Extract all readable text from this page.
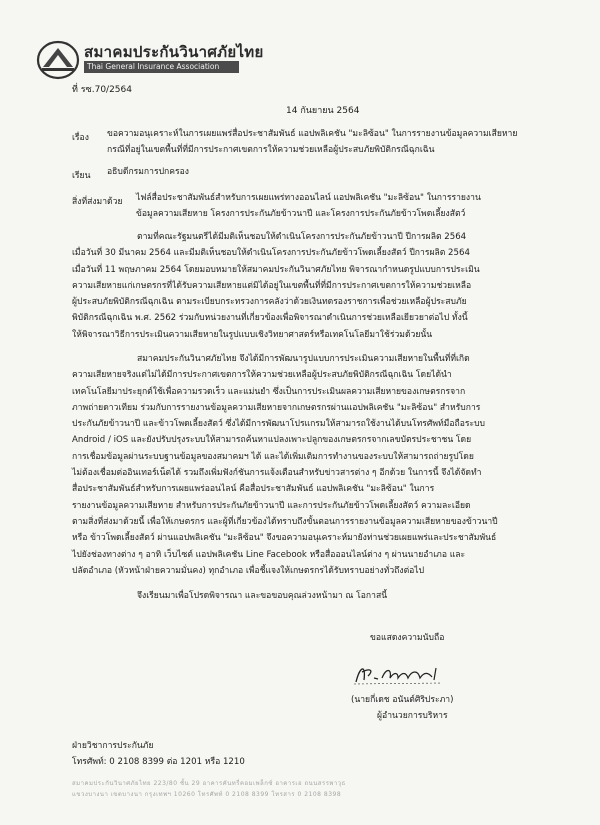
สมาคมประกันวินาศภัยไทย
Thai General Insurance Association
ที่ รซ.70/2564
14 กันยายน 2564
เรื่อง ขอความอนุเคราะห์ในการเผยแพร่สื่อประชาสัมพันธ์ แอปพลิเคชัน "มะลิซ้อน" ในการรายงานข้อมูลความเสียหาย
กรณีที่อยู่ในเขตพื้นที่ที่มีการประกาศเขตการให้ความช่วยเหลือผู้ประสบภัยพิบัติกรณีฉุกเฉิน
เรียน อธิบดีกรมการปกครอง
สิ่งที่ส่งมาด้วย ไฟล์สื่อประชาสัมพันธ์สำหรับการเผยแพร่ทางออนไลน์ แอปพลิเคชัน "มะลิซ้อน" ในการรายงาน
ข้อมูลความเสียหาย โครงการประกันภัยข้าวนาปี และโครงการประกันภัยข้าวโพดเลี้ยงสัตว์
ตามที่คณะรัฐมนตรีได้มีมติเห็นชอบให้ดำเนินโครงการประกันภัยข้าวนาปี ปีการผลิต 2564
เมื่อวันที่ 30 มีนาคม 2564 และมีมติเห็นชอบให้ดำเนินโครงการประกันภัยข้าวโพดเลี้ยงสัตว์ ปีการผลิต 2564
เมื่อวันที่ 11 พฤษภาคม 2564 โดยมอบหมายให้สมาคมประกันวินาศภัยไทย พิจารณากำหนดรูปแบบการประเมิน
ความเสียหายแก่เกษตรกรที่ได้รับความเสียหายแต่มิได้อยู่ในเขตพื้นที่ที่มีการประกาศเขตการให้ความช่วยเหลือ
ผู้ประสบภัยพิบัติกรณีฉุกเฉิน ตามระเบียบกระทรวงการคลังว่าด้วยเงินทดรองราชการเพื่อช่วยเหลือผู้ประสบภัย
พิบัติกรณีฉุกเฉิน พ.ศ. 2562 ร่วมกับหน่วยงานที่เกี่ยวข้องเพื่อพิจารณาดำเนินการช่วยเหลือเยียวยาต่อไป ทั้งนี้
ให้พิจารณาวิธีการประเมินความเสียหายในรูปแบบเชิงวิทยาศาสตร์หรือเทคโนโลยีมาใช้ร่วมด้วยนั้น
สมาคมประกันวินาศภัยไทย จึงได้มีการพัฒนารูปแบบการประเมินความเสียหายในพื้นที่ที่เกิด
ความเสียหายจริงแต่ไม่ได้มีการประกาศเขตการให้ความช่วยเหลือผู้ประสบภัยพิบัติกรณีฉุกเฉิน โดยได้นำ
เทคโนโลยีมาประยุกต์ใช้เพื่อความรวดเร็ว และแม่นยำ ซึ่งเป็นการประเมินผลความเสียหายของเกษตรกรจาก
ภาพถ่ายดาวเทียม ร่วมกับการรายงานข้อมูลความเสียหายจากเกษตรกรผ่านแอปพลิเคชัน "มะลิซ้อน" สำหรับการ
ประกันภัยข้าวนาปี และข้าวโพดเลี้ยงสัตว์ ซึ่งได้มีการพัฒนาโปรแกรมให้สามารถใช้งานได้บนโทรศัพท์มือถือระบบ
Android / iOS และยังปรับปรุงระบบให้สามารถค้นหาแปลงเพาะปลูกของเกษตรกรจากเลขบัตรประชาชน โดย
การเชื่อมข้อมูลผ่านระบบฐานข้อมูลของสมาคมฯ ได้ และได้เพิ่มเติมการทำงานของระบบให้สามารถถ่ายรูปโดย
ไม่ต้องเชื่อมต่ออินเทอร์เน็ตได้ รวมถึงเพิ่มฟังก์ชันการแจ้งเตือนสำหรับข่าวสารต่าง ๆ อีกด้วย ในการนี้ จึงได้จัดทำ
สื่อประชาสัมพันธ์สำหรับการเผยแพร่ออนไลน์ คือสื่อประชาสัมพันธ์ แอปพลิเคชัน "มะลิซ้อน" ในการ
รายงานข้อมูลความเสียหาย สำหรับการประกันภัยข้าวนาปี และการประกันภัยข้าวโพดเลี้ยงสัตว์ ความละเอียด
ตามสิ่งที่ส่งมาด้วยนี้ เพื่อให้เกษตรกร และผู้ที่เกี่ยวข้องได้ทราบถึงขั้นตอนการรายงานข้อมูลความเสียหายของข้าวนาปี
หรือ ข้าวโพดเลี้ยงสัตว์ ผ่านแอปพลิเคชัน "มะลิซ้อน" จึงขอความอนุเคราะห์มายังท่านช่วยเผยแพร่และประชาสัมพันธ์
ไปยังช่องทางต่าง ๆ อาทิ เว็บไซต์ แอปพลิเคชัน Line Facebook หรือสื่อออนไลน์ต่าง ๆ ผ่านนายอำเภอ และ
ปลัดอำเภอ (หัวหน้าฝ่ายความมั่นคง) ทุกอำเภอ เพื่อชี้แจงให้เกษตรกรได้รับทราบอย่างทั่วถึงต่อไป
จึงเรียนมาเพื่อโปรดพิจารณา และขอขอบคุณล่วงหน้ามา ณ โอกาสนี้
ขอแสดงความนับถือ
(นายกี่เดช อนันต์ศิริประภา)
ผู้อำนวยการบริหาร
ฝ่ายวิชาการประกันภัย
โทรศัพท์: 0 2108 8399 ต่อ 1201 หรือ 1210
สมาคมประกันวินาศภัยไทย 223/80 ชั้น 29 อาคารคันทรี่คอมเพล็กซ์ อาคารเอ ถนนสรรพาวุธ
แขวงบางนา เขตบางนา กรุงเทพฯ 10260 โทรศัพท์ 0 2108 8399 โทรสาร 0 2108 8398
